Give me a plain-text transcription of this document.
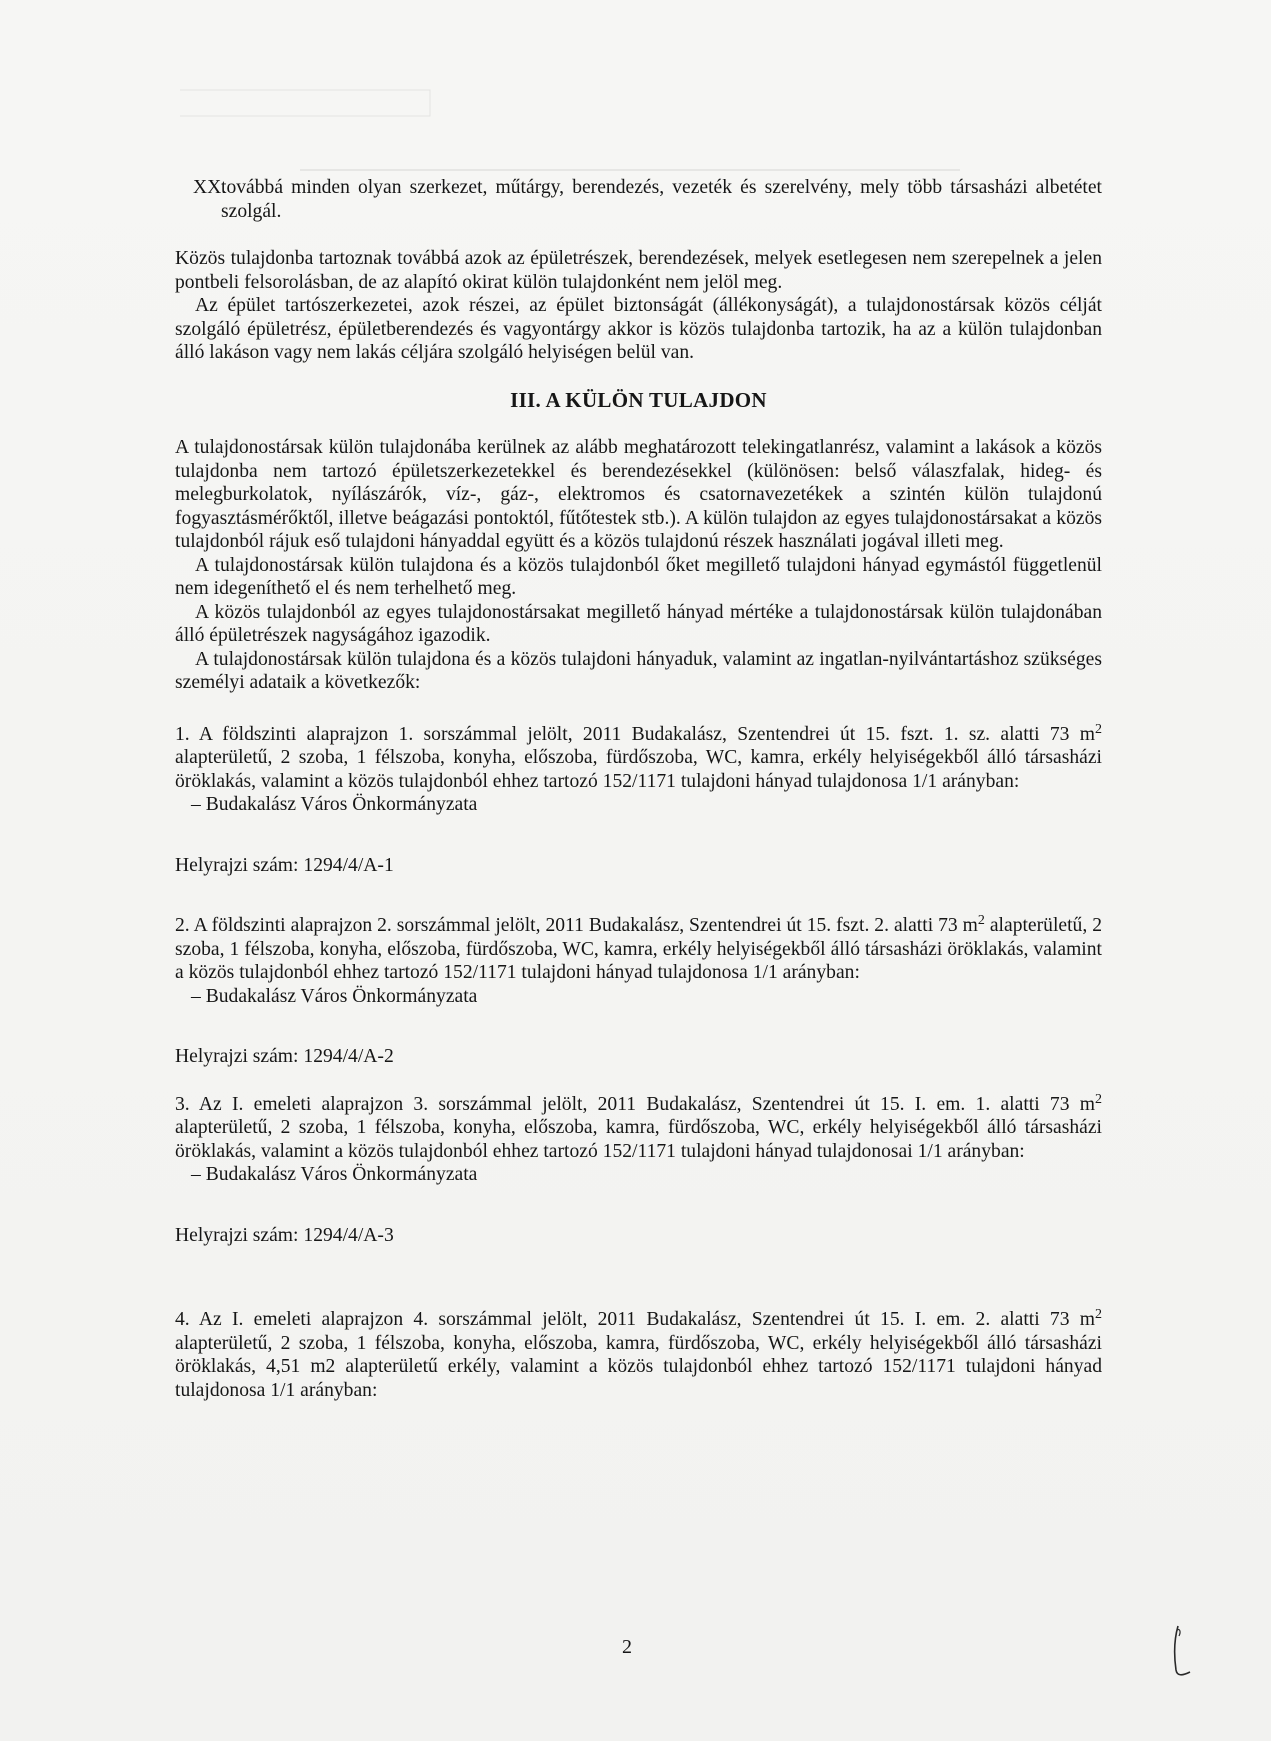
XX.
továbbá minden olyan szerkezet, műtárgy, berendezés, vezeték és szerelvény, mely több társasházi albetétet szolgál.

Közös tulajdonba tartoznak továbbá azok az épületrészek, berendezések, melyek esetlegesen nem szerepelnek a jelen pontbeli felsorolásban, de az alapító okirat külön tulajdonként nem jelöl meg.

Az épület tartószerkezetei, azok részei, az épület biztonságát (állékonyságát), a tulajdonostársak közös célját szolgáló épületrész, épületberendezés és vagyontárgy akkor is közös tulajdonba tartozik, ha az a külön tulajdonban álló lakáson vagy nem lakás céljára szolgáló helyiségen belül van.

III. A KÜLÖN TULAJDON

A tulajdonostársak külön tulajdonába kerülnek az alább meghatározott telekingatlanrész, valamint a lakások a közös tulajdonba nem tartozó épületszerkezetekkel és berendezésekkel (különösen: belső válaszfalak, hideg- és melegburkolatok, nyílászárók, víz-, gáz-, elektromos és csatornavezetékek a szintén külön tulajdonú fogyasztásmérőktől, illetve beágazási pontoktól, fűtőtestek stb.). A külön tulajdon az egyes tulajdonostársakat a közös tulajdonból rájuk eső tulajdoni hányaddal együtt és a közös tulajdonú részek használati jogával illeti meg.

A tulajdonostársak külön tulajdona és a közös tulajdonból őket megillető tulajdoni hányad egymástól függetlenül nem idegeníthető el és nem terhelhető meg.

A közös tulajdonból az egyes tulajdonostársakat megillető hányad mértéke a tulajdonostársak külön tulajdonában álló épületrészek nagyságához igazodik.

A tulajdonostársak külön tulajdona és a közös tulajdoni hányaduk, valamint az ingatlan-nyilvántartáshoz szükséges személyi adataik a következők:

1. A földszinti alaprajzon 1. sorszámmal jelölt, 2011 Budakalász, Szentendrei út 15. fszt. 1. sz. alatti 73 $m^2$ alapterületű, 2 szoba, 1 félszoba, konyha, előszoba, fürdőszoba, WC, kamra, erkély helyiségekből álló társasházi öröklakás, valamint a közös tulajdonból ehhez tartozó 152/1171 tulajdoni hányad tulajdonosa 1/1 arányban:

– Budakalász Város Önkormányzata

Helyrajzi szám: 1294/4/A-1

2. A földszinti alaprajzon 2. sorszámmal jelölt, 2011 Budakalász, Szentendrei út 15. fszt. 2. alatti 73 $m^2$ alapterületű, 2 szoba, 1 félszoba, konyha, előszoba, fürdőszoba, WC, kamra, erkély helyiségekből álló társasházi öröklakás, valamint a közös tulajdonból ehhez tartozó 152/1171 tulajdoni hányad tulajdonosa 1/1 arányban:

– Budakalász Város Önkormányzata

Helyrajzi szám: 1294/4/A-2

3. Az I. emeleti alaprajzon 3. sorszámmal jelölt, 2011 Budakalász, Szentendrei út 15. I. em. 1. alatti 73 $m^2$ alapterületű, 2 szoba, 1 félszoba, konyha, előszoba, kamra, fürdőszoba, WC, erkély helyiségekből álló társasházi öröklakás, valamint a közös tulajdonból ehhez tartozó 152/1171 tulajdoni hányad tulajdonosai 1/1 arányban:

– Budakalász Város Önkormányzata

Helyrajzi szám: 1294/4/A-3

4. Az I. emeleti alaprajzon 4. sorszámmal jelölt, 2011 Budakalász, Szentendrei út 15. I. em. 2. alatti 73 $m^2$ alapterületű, 2 szoba, 1 félszoba, konyha, előszoba, kamra, fürdőszoba, WC, erkély helyiségekből álló társasházi öröklakás, 4,51 m2 alapterületű erkély, valamint a közös tulajdonból ehhez tartozó 152/1171 tulajdoni hányad tulajdonosa 1/1 arányban:

2
